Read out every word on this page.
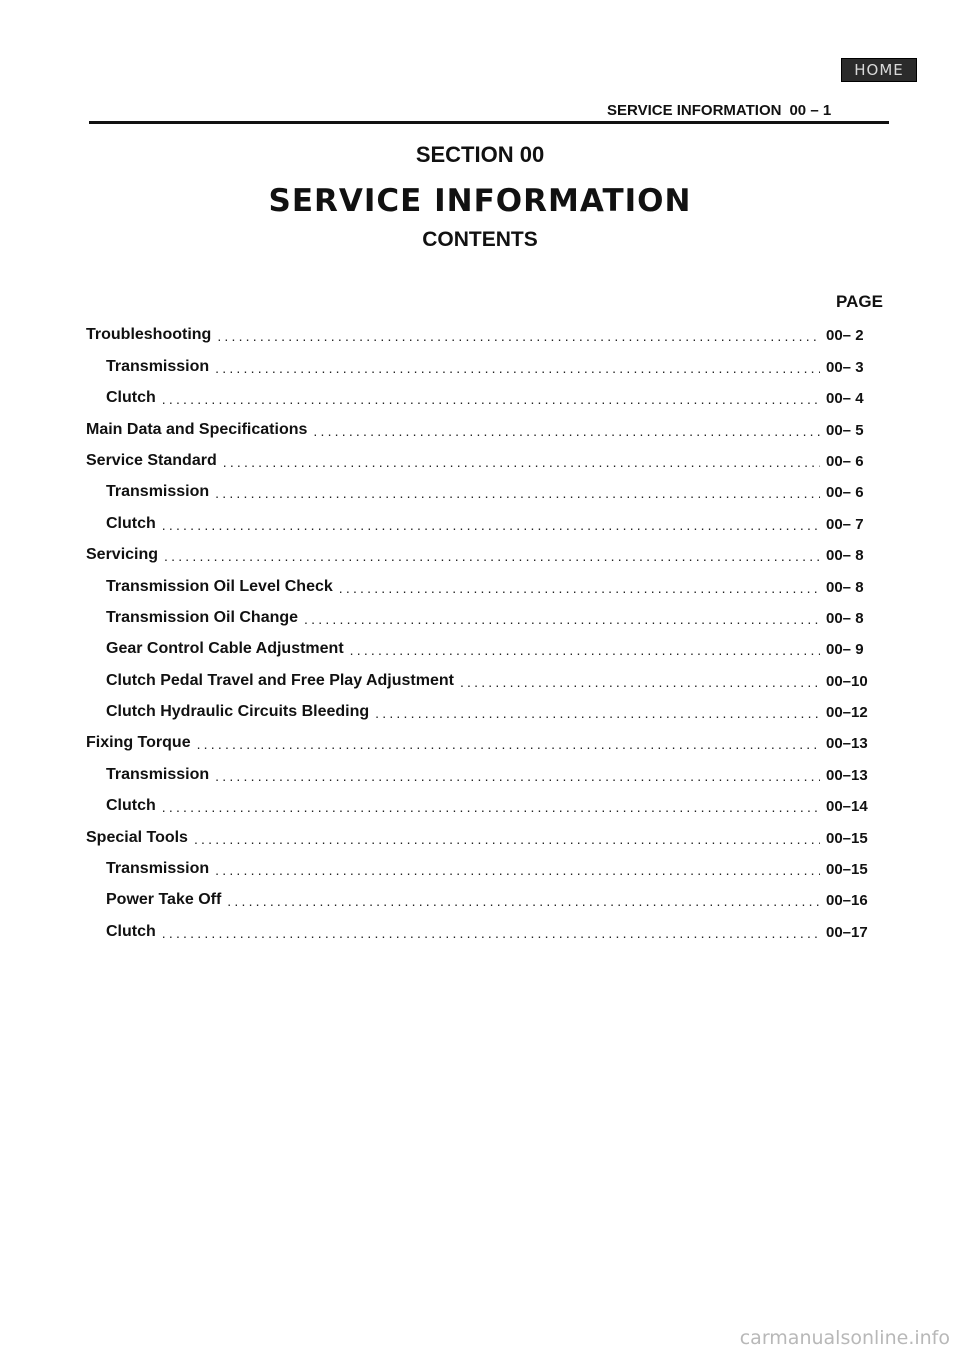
HOME
SERVICE INFORMATION 00 – 1
SECTION 00
SERVICE INFORMATION
CONTENTS
PAGE
Troubleshooting .....	00– 2
Transmission .....	00– 3
Clutch .....	00– 4
Main Data and Specifications .....	00– 5
Service Standard .....	00– 6
Transmission .....	00– 6
Clutch .....	00– 7
Servicing .....	00– 8
Transmission Oil Level Check .....	00– 8
Transmission Oil Change .....	00– 8
Gear Control Cable Adjustment .....	00– 9
Clutch Pedal Travel and Free Play Adjustment .....	00–10
Clutch Hydraulic Circuits Bleeding .....	00–12
Fixing Torque .....	00–13
Transmission .....	00–13
Clutch .....	00–14
Special Tools .....	00–15
Transmission .....	00–15
Power Take Off .....	00–16
Clutch .....	00–17
carmanualsonline.info
